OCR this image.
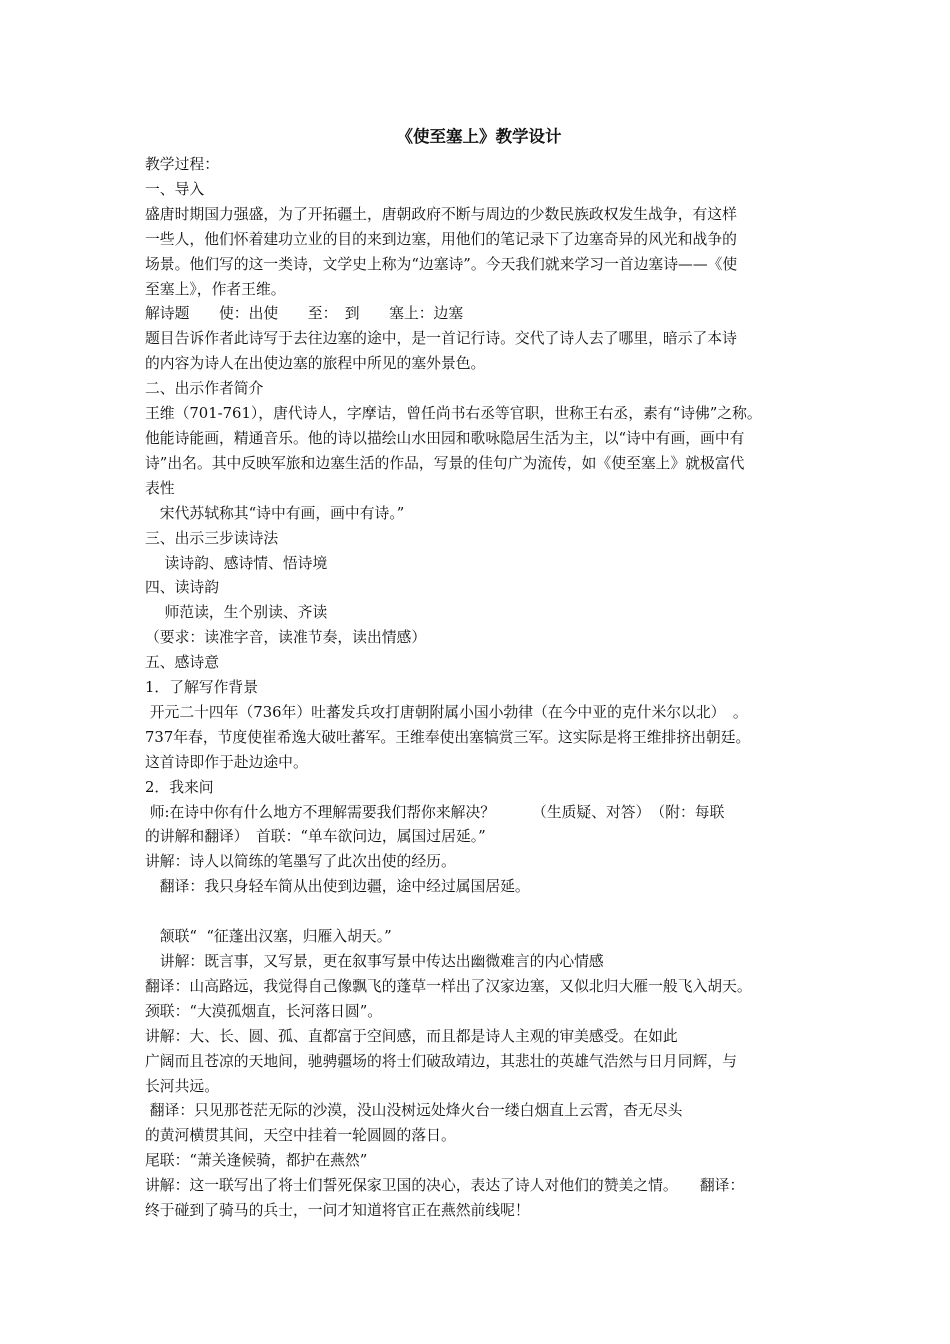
《使至塞上》教学设计
教学过程：
一、导入
盛唐时期国力强盛，为了开拓疆土，唐朝政府不断与周边的少数民族政权发生战争，有这样
一些人，他们怀着建功立业的目的来到边塞，用他们的笔记录下了边塞奇异的风光和战争的
场景。他们写的这一类诗，文学史上称为“边塞诗”。今天我们就来学习一首边塞诗——《使
至塞上》，作者王维。
解诗题　　使：出使　　至：　到　　塞上：边塞
题目告诉作者此诗写于去往边塞的途中，是一首记行诗。交代了诗人去了哪里，暗示了本诗
的内容为诗人在出使边塞的旅程中所见的塞外景色。
二、出示作者简介
王维（701-761），唐代诗人，字摩诘，曾任尚书右丞等官职，世称王右丞，素有“诗佛”之称。
他能诗能画，精通音乐。他的诗以描绘山水田园和歌咏隐居生活为主，以“诗中有画，画中有
诗”出名。其中反映军旅和边塞生活的作品，写景的佳句广为流传，如《使至塞上》就极富代
表性
　宋代苏轼称其“诗中有画，画中有诗。”
三、出示三步读诗法
　 读诗韵、感诗情、悟诗境
四、读诗韵
　 师范读，生个别读、齐读
（要求：读准字音，读准节奏，读出情感）
五、感诗意
1．了解写作背景
开元二十四年（736年）吐蕃发兵攻打唐朝附属小国小勃律（在今中亚的克什米尔以北）　。
737年春，节度使崔希逸大破吐蕃军。王维奉使出塞犒赏三军。这实际是将王维排挤出朝廷。
这首诗即作于赴边途中。
2．我来问
师:在诗中你有什么地方不理解需要我们帮你来解决？　　　（生质疑、对答）　（附：每联
的讲解和翻译）　首联：“单车欲问边，属国过居延。”
讲解：诗人以简练的笔墨写了此次出使的经历。
　翻译：我只身轻车简从出使到边疆，途中经过属国居延。
　颔联“  “征蓬出汉塞，归雁入胡天。”
　讲解：既言事，又写景，更在叙事写景中传达出幽微难言的内心情感
翻译：山高路远，我觉得自己像飘飞的蓬草一样出了汉家边塞，又似北归大雁一般飞入胡天。
颈联：“大漠孤烟直，长河落日圆”。
讲解：大、长、圆、孤、直都富于空间感，而且都是诗人主观的审美感受。在如此
广阔而且苍凉的天地间，驰骋疆场的将士们破敌靖边，其悲壮的英雄气浩然与日月同辉，与
长河共远。
翻译：只见那苍茫无际的沙漠，没山没树远处烽火台一缕白烟直上云霄，杳无尽头
的黄河横贯其间，天空中挂着一轮圆圆的落日。
尾联：“萧关逢候骑，都护在燕然”
讲解：这一联写出了将士们誓死保家卫国的决心，表达了诗人对他们的赞美之情。　　翻译：
终于碰到了骑马的兵士，一问才知道将官正在燕然前线呢！
